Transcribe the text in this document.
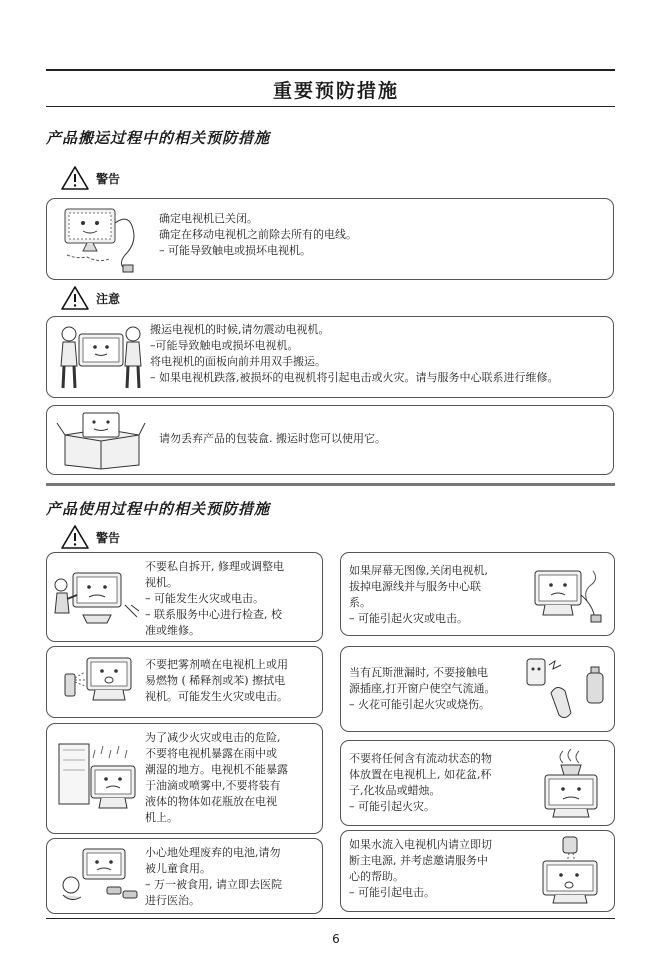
重要预防措施
产品搬运过程中的相关预防措施
警告
确定电视机已关闭。
确定在移动电视机之前除去所有的电线。
– 可能导致触电或损坏电视机。
注意
搬运电视机的时候,请勿震动电视机。
–可能导致触电或损坏电视机。
将电视机的面板向前并用双手搬运。
– 如果电视机跌落,被损坏的电视机将引起电击或火灾。请与服务中心联系进行维修。
请勿丢弃产品的包装盒. 搬运时您可以使用它。
产品使用过程中的相关预防措施
警告
不要私自拆开, 修理或调整电
视机。
– 可能发生火灾或电击。
– 联系服务中心进行检查, 校
准或维修。
不要把雾剂喷在电视机上或用
易燃物 ( 稀释剂或苯) 擦拭电
视机。可能发生火灾或电击。
为了减少火灾或电击的危险,
不要将电视机暴露在雨中或
潮湿的地方。电视机不能暴露
于油滴或喷雾中,不要将装有
液体的物体如花瓶放在电视
机上。
小心地处理废弃的电池,请勿
被儿童食用。
– 万一被食用, 请立即去医院
进行医治。
如果屏幕无图像,关闭电视机,
拔掉电源线并与服务中心联
系。
– 可能引起火灾或电击。
当有瓦斯泄漏时, 不要接触电
源插座,打开窗户使空气流通。
– 火花可能引起火灾或烧伤。
不要将任何含有流动状态的物
体放置在电视机上, 如花盆,杯
子,化妆品或蜡烛。
– 可能引起火灾。
如果水流入电视机内请立即切
断主电源, 并考虑邀请服务中
心的帮助。
– 可能引起电击。
6
